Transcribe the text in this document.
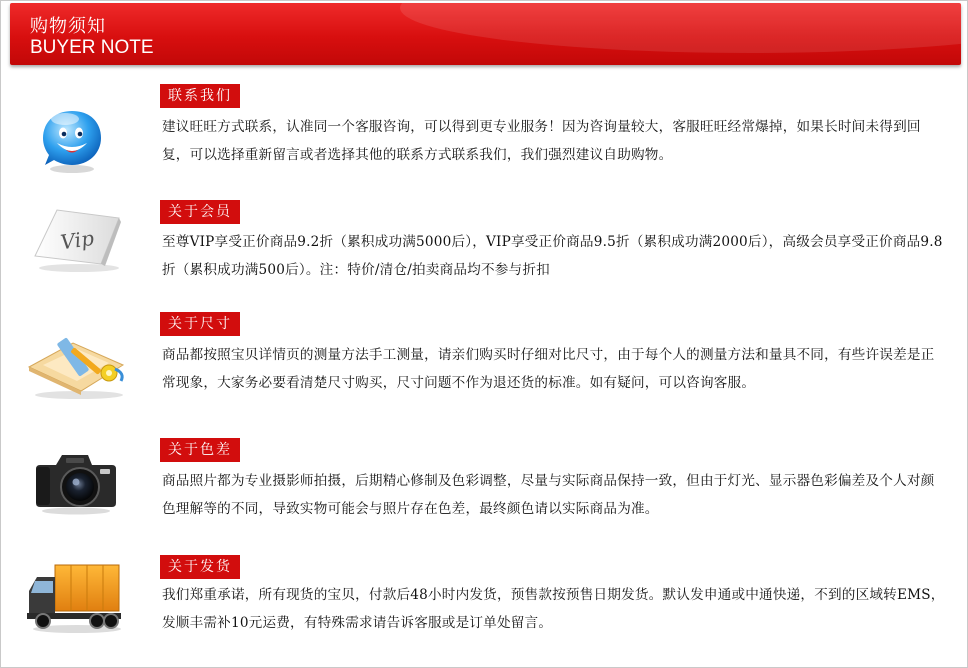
购物须知
BUYER NOTE
联系我们
建议旺旺方式联系，认准同一个客服咨询，可以得到更专业服务！因为咨询量较大，客服旺旺经常爆掉，如果长时间未得到回复，可以选择重新留言或者选择其他的联系方式联系我们，我们强烈建议自助购物。
Vip
关于会员
至尊VIP享受正价商品9.2折（累积成功满5000后），VIP享受正价商品9.5折（累积成功满2000后），高级会员享受正价商品9.8折（累积成功满500后）。注：特价/清仓/拍卖商品均不参与折扣
关于尺寸
商品都按照宝贝详情页的测量方法手工测量，请亲们购买时仔细对比尺寸，由于每个人的测量方法和量具不同，有些许误差是正常现象，大家务必要看清楚尺寸购买，尺寸问题不作为退还货的标准。如有疑问，可以咨询客服。
关于色差
商品照片都为专业摄影师拍摄，后期精心修制及色彩调整，尽量与实际商品保持一致，但由于灯光、显示器色彩偏差及个人对颜色理解等的不同，导致实物可能会与照片存在色差，最终颜色请以实际商品为准。
关于发货
我们郑重承诺，所有现货的宝贝，付款后48小时内发货，预售款按预售日期发货。默认发申通或中通快递，不到的区域转EMS，发顺丰需补10元运费，有特殊需求请告诉客服或是订单处留言。
